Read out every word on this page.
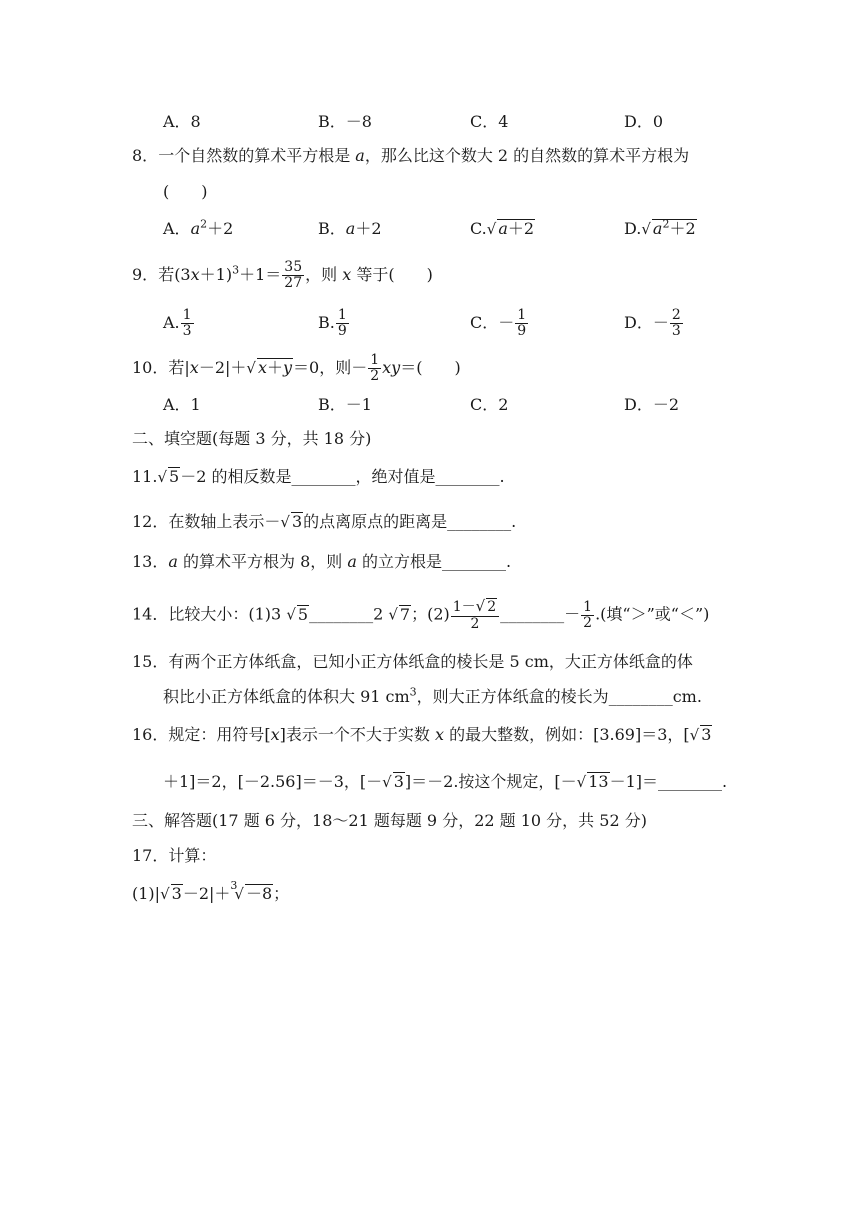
A．8	B．－8	C．4	D．0
8．一个自然数的算术平方根是 a，那么比这个数大 2 的自然数的算术平方根为
(　　)
A．$a^2+2$	B．a＋2	C.√ a＋2	D.√ $a^2+2$
9．若$(3x+1)^3+1= \frac{35}{27}$ ，则 x 等于(　　)
A. $\frac{1}{3}$	B. $\frac{1}{9}$	C．－ $\frac{1}{9}$	D．－ $\frac{2}{3}$
10．若|x－2|＋√ x＋y＝0，则－ $\frac{1}{2} xy=$(　　)
A．1	B．－1	C．2	D．－2
二、填空题(每题 3 分，共 18 分)
11.√ 5－2 的相反数是________，绝对值是________.
12．在数轴上表示－√ 3的点离原点的距离是________.
13．a 的算术平方根为 8，则 a 的立方根是________.
14．比较大小：(1)3 √ 5________2 √ 7；$(2) \frac{1-√ 2}{2}$ ________－ $\frac{1}{2}$ .(填“＞”或“＜”)
15．有两个正方体纸盒，已知小正方体纸盒的棱长是 5 cm，大正方体纸盒的体
积比小正方体纸盒的体积大 91 $cm^3$，则大正方体纸盒的棱长为________cm.
16．规定：用符号[x]表示一个不大于实数 x 的最大整数，例如：[3.69]＝3，[√ 3
＋1]＝2，[－2.56]＝－3，[－√ 3]＝－2.按这个规定，[－√ 13－1]＝________.
三、解答题(17 题 6 分，18～21 题每题 9 分，22 题 10 分，共 52 分)
17．计算：
(1)|√ 3－2|＋$^3$√ －8；
